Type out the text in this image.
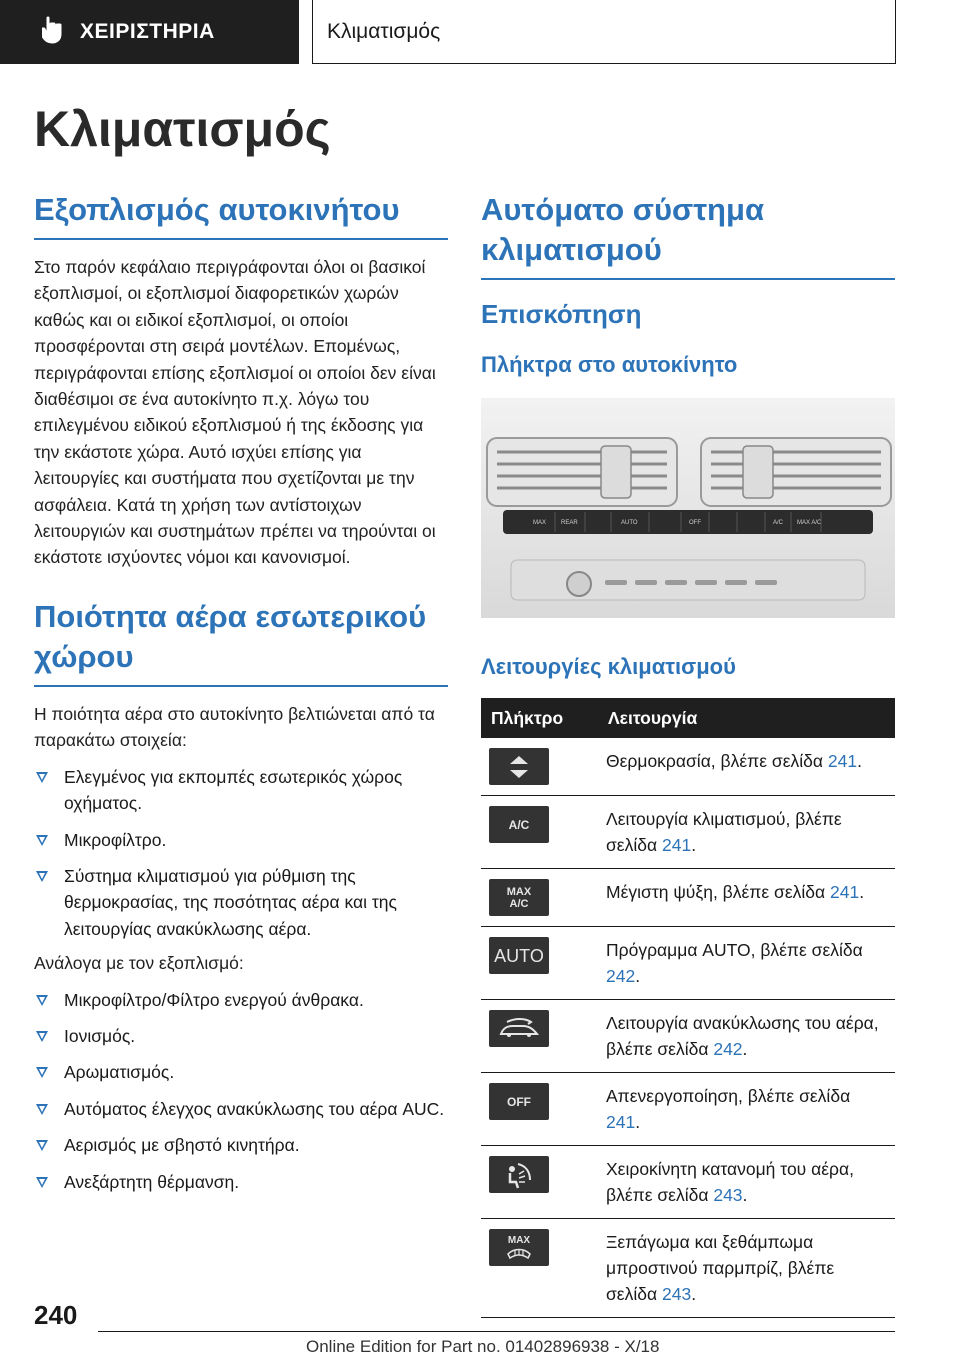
ΧΕΙΡΙΣΤΗΡΙΑ	Κλιματισμός
Κλιματισμός
Εξοπλισμός αυτοκινήτου
Στο παρόν κεφάλαιο περιγράφονται όλοι οι βασικοί εξοπλισμοί, οι εξοπλισμοί διαφορετικών χωρών καθώς και οι ειδικοί εξοπλισμοί, οι οποίοι προσφέρονται στη σειρά μοντέλων. Επομένως, περιγράφονται επίσης εξοπλισμοί οι οποίοι δεν είναι διαθέσιμοι σε ένα αυτοκίνητο π.χ. λόγω του επιλεγμένου ειδικού εξοπλισμού ή της έκδοσης για την εκάστοτε χώρα. Αυτό ισχύει επίσης για λειτουργίες και συστήματα που σχετίζονται με την ασφάλεια. Κατά τη χρήση των αντίστοιχων λειτουργιών και συστημάτων πρέπει να τηρούνται οι εκάστοτε ισχύοντες νόμοι και κανονισμοί.
Ποιότητα αέρα εσωτερικού χώρου
Η ποιότητα αέρα στο αυτοκίνητο βελτιώνεται από τα παρακάτω στοιχεία:
Ελεγμένος για εκπομπές εσωτερικός χώρος οχήματος.
Μικροφίλτρο.
Σύστημα κλιματισμού για ρύθμιση της θερμοκρασίας, της ποσότητας αέρα και της λειτουργίας ανακύκλωσης αέρα.
Ανάλογα με τον εξοπλισμό:
Μικροφίλτρο/Φίλτρο ενεργού άνθρακα.
Ιονισμός.
Αρωματισμός.
Αυτόματος έλεγχος ανακύκλωσης του αέρα AUC.
Αερισμός με σβηστό κινητήρα.
Ανεξάρτητη θέρμανση.
Αυτόματο σύστημα κλιματισμού
Επισκόπηση
Πλήκτρα στο αυτοκίνητο
MAX REAR	AUTO	OFF	A/C MAX A/C
Λειτουργίες κλιματισμού
Πλήκτρο	Λειτουργία

	Θερμοκρασία, βλέπε σελίδα 241.

A/C	Λειτουργία κλιματισμού, βλέπε σελίδα 241.

MAX A/C	Μέγιστη ψύξη, βλέπε σελίδα 241.

AUTO	Πρόγραμμα AUTO, βλέπε σελίδα 242.

	Λειτουργία ανακύκλωσης του αέρα, βλέπε σελίδα 242.

OFF	Απενεργοποίηση, βλέπε σελίδα 241.

	Χειροκίνητη κατανομή του αέρα, βλέπε σελίδα 243.

MAX	Ξεπάγωμα και ξεθάμπωμα μπροστινού παρμπρίζ, βλέπε σελίδα 243.
240
Online Edition for Part no. 01402896938 - X/18
